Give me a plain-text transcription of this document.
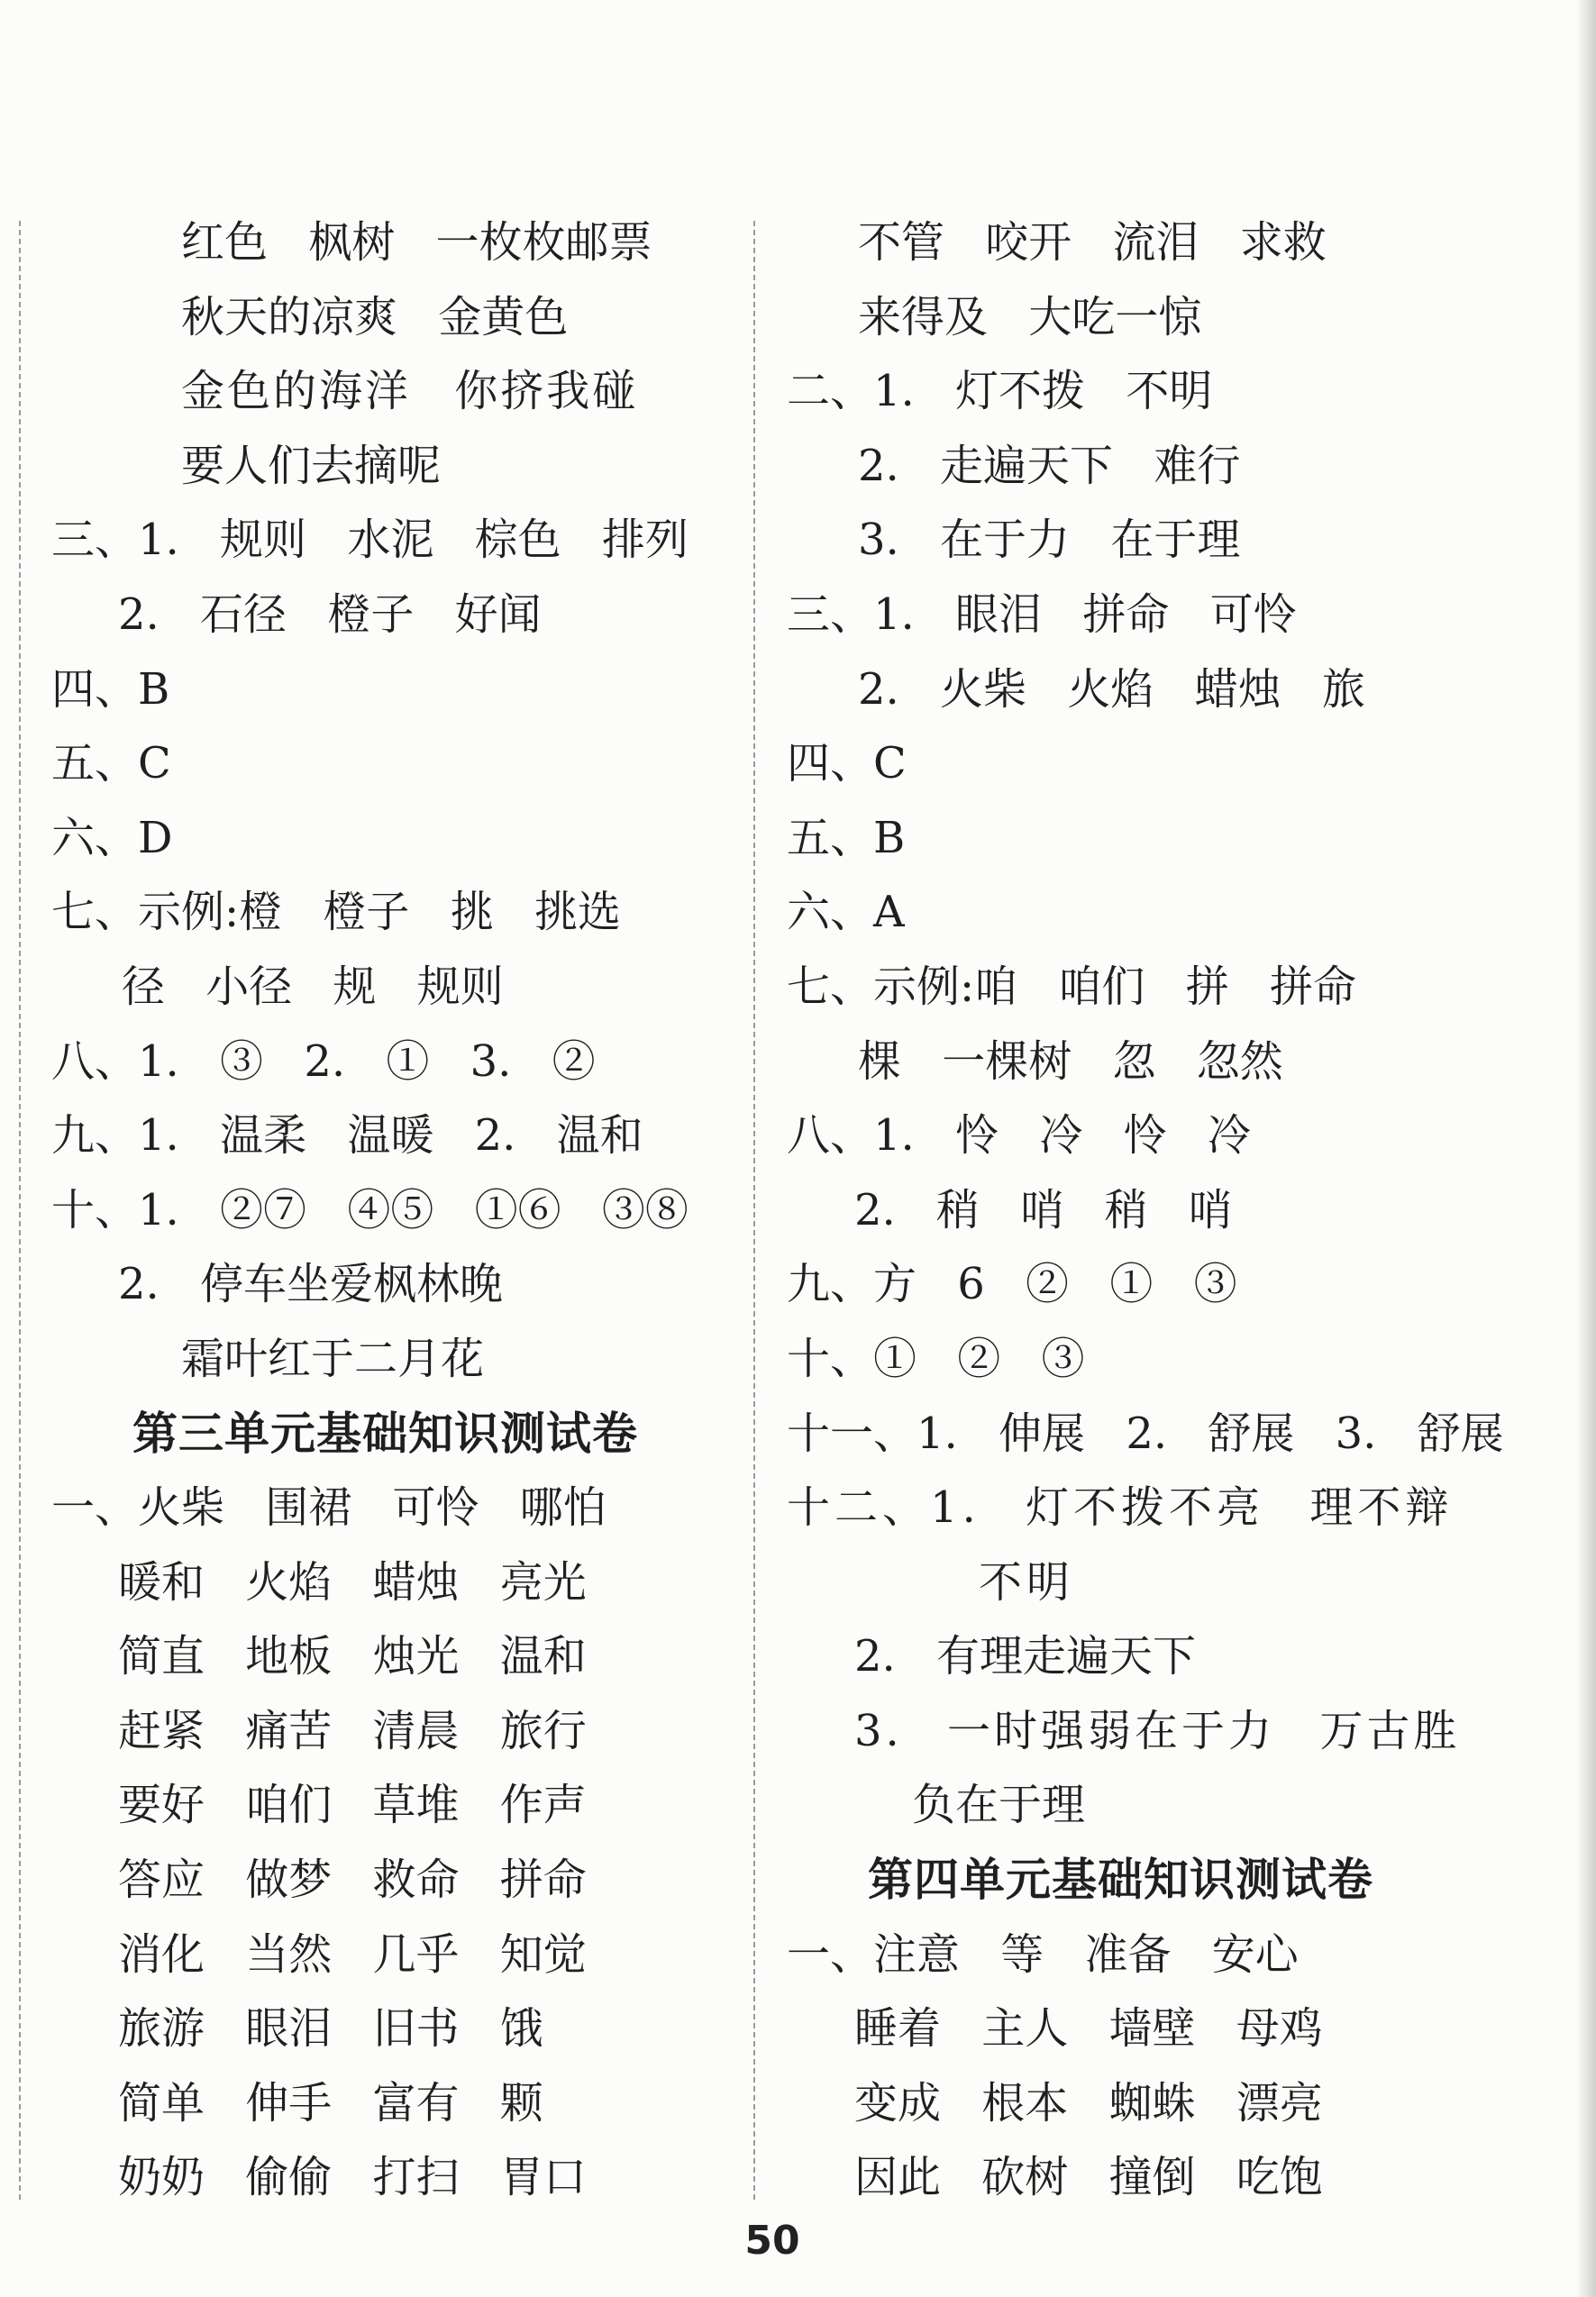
红色 枫树 一枚枚邮票
秋天的凉爽 金黄色
金色的海洋 你挤我碰
要人们去摘呢
三、1. 规则 水泥 棕色 排列
2. 石径 橙子 好闻
四、B
五、C
六、D
七、示例:橙 橙子 挑 挑选
径 小径 规 规则
八、1. ③ 2. ① 3. ②
九、1. 温柔 温暖 2. 温和
十、1. ②⑦ ④⑤ ①⑥ ③⑧
2. 停车坐爱枫林晚
霜叶红于二月花
第三单元基础知识测试卷
一、火柴 围裙 可怜 哪怕
暖和 火焰 蜡烛 亮光
简直 地板 烛光 温和
赶紧 痛苦 清晨 旅行
要好 咱们 草堆 作声
答应 做梦 救命 拼命
消化 当然 几乎 知觉
旅游 眼泪 旧书 饿
简单 伸手 富有 颗
奶奶 偷偷 打扫 胃口
不管 咬开 流泪 求救
来得及 大吃一惊
二、1. 灯不拨 不明
2. 走遍天下 难行
3. 在于力 在于理
三、1. 眼泪 拼命 可怜
2. 火柴 火焰 蜡烛 旅
四、C
五、B
六、A
七、示例:咱 咱们 拼 拼命
棵 一棵树 忽 忽然
八、1. 怜 冷 怜 冷
2. 稍 哨 稍 哨
九、方 6 ② ① ③
十、① ② ③
十一、1. 伸展 2. 舒展 3. 舒展
十二、1. 灯不拨不亮 理不辩
不明
2. 有理走遍天下
3. 一时强弱在于力 万古胜
负在于理
第四单元基础知识测试卷
一、注意 等 准备 安心
睡着 主人 墙壁 母鸡
变成 根本 蜘蛛 漂亮
因此 砍树 撞倒 吃饱
50
